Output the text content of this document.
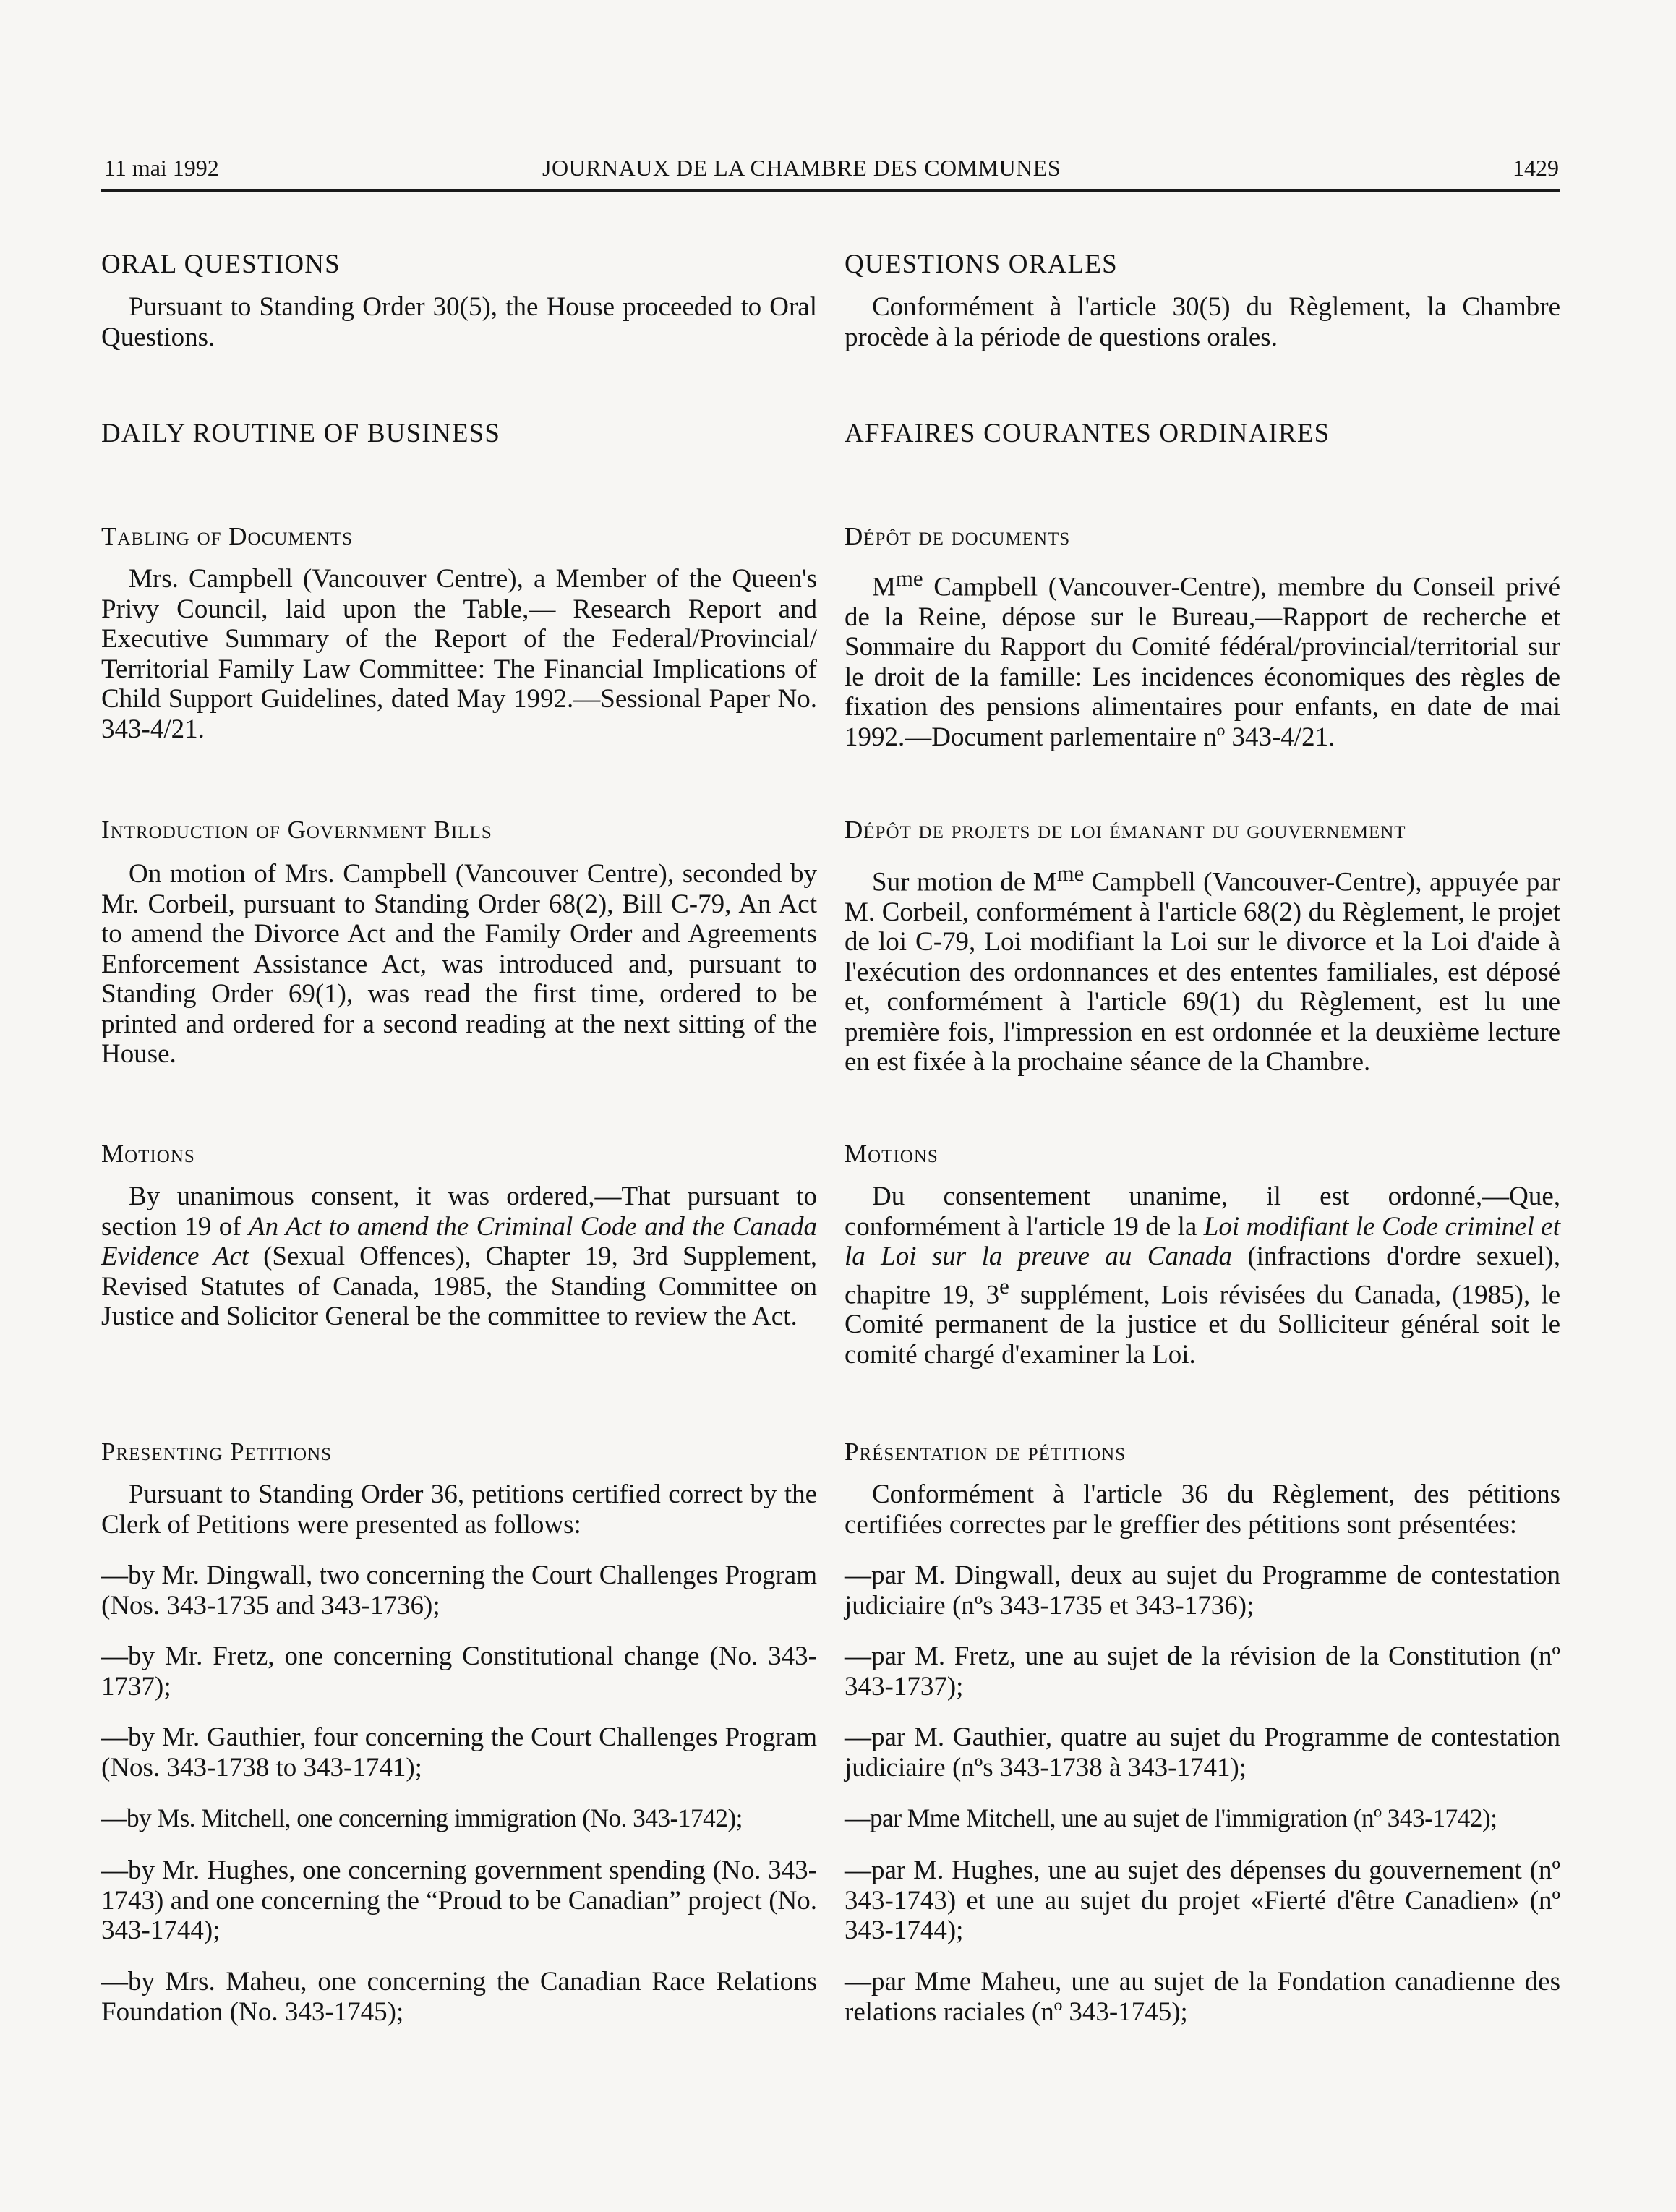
11 mai 1992	JOURNAUX DE LA CHAMBRE DES COMMUNES	1429
ORAL QUESTIONS

Pursuant to Standing Order 30(5), the House proceeded to Oral Questions.

DAILY ROUTINE OF BUSINESS
Tabling of Documents

Mrs. Campbell (Vancouver Centre), a Member of the Queen's Privy Council, laid upon the Table,— Research Report and Executive Summary of the Report of the Federal/Provincial/ Territorial Family Law Committee: The Financial Implications of Child Support Guidelines, dated May 1992.—Sessional Paper No. 343-4/21.

Introduction of Government Bills

On motion of Mrs. Campbell (Vancouver Centre), seconded by Mr. Corbeil, pursuant to Standing Order 68(2), Bill C-79, An Act to amend the Divorce Act and the Family Order and Agreements Enforcement Assistance Act, was introduced and, pursuant to Standing Order 69(1), was read the first time, ordered to be printed and ordered for a second reading at the next sitting of the House.

Motions

By unanimous consent, it was ordered,—That pursuant to section 19 of An Act to amend the Criminal Code and the Canada Evidence Act (Sexual Offences), Chapter 19, 3rd Supplement, Revised Statutes of Canada, 1985, the Standing Committee on Justice and Solicitor General be the committee to review the Act.

Presenting Petitions

Pursuant to Standing Order 36, petitions certified correct by the Clerk of Petitions were presented as follows:

—by Mr. Dingwall, two concerning the Court Challenges Program (Nos. 343-1735 and 343-1736);

—by Mr. Fretz, one concerning Constitutional change (No. 343-1737);

—by Mr. Gauthier, four concerning the Court Challenges Program (Nos. 343-1738 to 343-1741);

—by Ms. Mitchell, one concerning immigration (No. 343-1742);

—by Mr. Hughes, one concerning government spending (No. 343-1743) and one concerning the “Proud to be Canadian” project (No. 343-1744);

—by Mrs. Maheu, one concerning the Canadian Race Relations Foundation (No. 343-1745);

QUESTIONS ORALES

Conformément à l'article 30(5) du Règlement, la Chambre procède à la période de questions orales.

AFFAIRES COURANTES ORDINAIRES
Dépôt de documents

$M^{me}$ Campbell (Vancouver-Centre), membre du Conseil privé de la Reine, dépose sur le Bureau,—Rapport de recherche et Sommaire du Rapport du Comité fédéral/provincial/territorial sur le droit de la famille: Les incidences économiques des règles de fixation des pensions alimentaires pour enfants, en date de mai 1992.—Document parlementaire nº 343-4/21.

Dépôt de projets de loi émanant du gouvernement

Sur motion de $M^{me}$ Campbell (Vancouver-Centre), appuyée par M. Corbeil, conformément à l'article 68(2) du Règlement, le projet de loi C-79, Loi modifiant la Loi sur le divorce et la Loi d'aide à l'exécution des ordonnances et des ententes familiales, est déposé et, conformément à l'article 69(1) du Règlement, est lu une première fois, l'impression en est ordonnée et la deuxième lecture en est fixée à la prochaine séance de la Chambre.

Motions

Du consentement unanime, il est ordonné,—Que, conformément à l'article 19 de la Loi modifiant le Code criminel et la Loi sur la preuve au Canada (infractions d'ordre sexuel), chapitre 19, 3e supplément, Lois révisées du Canada, (1985), le Comité permanent de la justice et du Solliciteur général soit le comité chargé d'examiner la Loi.

Présentation de pétitions

Conformément à l'article 36 du Règlement, des pétitions certifiées correctes par le greffier des pétitions sont présentées:

—par M. Dingwall, deux au sujet du Programme de contestation judiciaire (nºs 343-1735 et 343-1736);

—par M. Fretz, une au sujet de la révision de la Constitution (nº 343-1737);

—par M. Gauthier, quatre au sujet du Programme de contestation judiciaire (nºs 343-1738 à 343-1741);

—par Mme Mitchell, une au sujet de l'immigration (nº 343-1742);

—par M. Hughes, une au sujet des dépenses du gouvernement (nº 343-1743) et une au sujet du projet «Fierté d'être Canadien» (nº 343-1744);

—par Mme Maheu, une au sujet de la Fondation canadienne des relations raciales (nº 343-1745);
